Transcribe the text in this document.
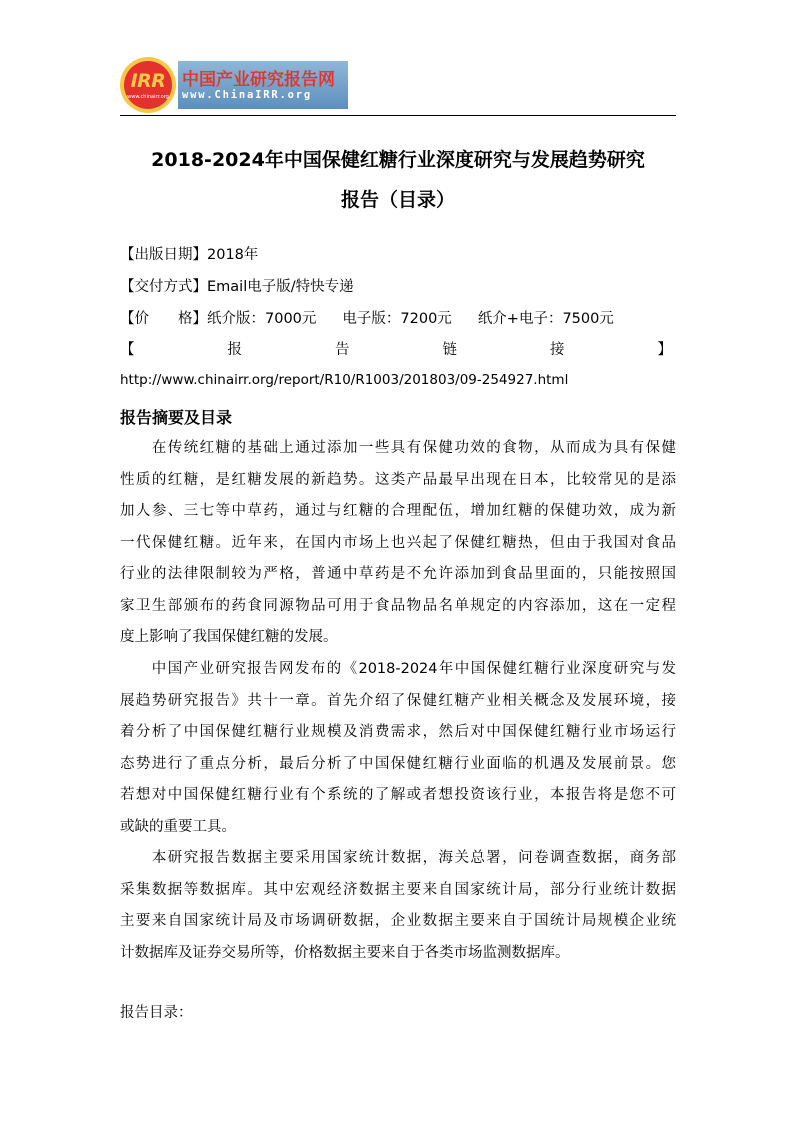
IRR
www.chinairr.org
中国产业研究报告网
www.ChinaIRR.org
2018-2024年中国保健红糖行业深度研究与发展趋势研究
报告（目录）
【出版日期】2018年
【交付方式】Email电子版/特快专递
【价　　格】纸介版：7000元 电子版：7200元 纸介+电子：7500元
【	报	告	链	接	】
http://www.chinairr.org/report/R10/R1003/201803/09-254927.html
报告摘要及目录
　　在传统红糖的基础上通过添加一些具有保健功效的食物，从而成为具有保健
性质的红糖，是红糖发展的新趋势。这类产品最早出现在日本，比较常见的是添
加人参、三七等中草药，通过与红糖的合理配伍，增加红糖的保健功效，成为新
一代保健红糖。近年来，在国内市场上也兴起了保健红糖热，但由于我国对食品
行业的法律限制较为严格，普通中草药是不允许添加到食品里面的，只能按照国
家卫生部颁布的药食同源物品可用于食品物品名单规定的内容添加，这在一定程
度上影响了我国保健红糖的发展。
　　中国产业研究报告网发布的《2018-2024年中国保健红糖行业深度研究与发
展趋势研究报告》共十一章。首先介绍了保健红糖产业相关概念及发展环境，接
着分析了中国保健红糖行业规模及消费需求，然后对中国保健红糖行业市场运行
态势进行了重点分析，最后分析了中国保健红糖行业面临的机遇及发展前景。您
若想对中国保健红糖行业有个系统的了解或者想投资该行业，本报告将是您不可
或缺的重要工具。
　　本研究报告数据主要采用国家统计数据，海关总署，问卷调查数据，商务部
采集数据等数据库。其中宏观经济数据主要来自国家统计局，部分行业统计数据
主要来自国家统计局及市场调研数据，企业数据主要来自于国统计局规模企业统
计数据库及证券交易所等，价格数据主要来自于各类市场监测数据库。
报告目录：
